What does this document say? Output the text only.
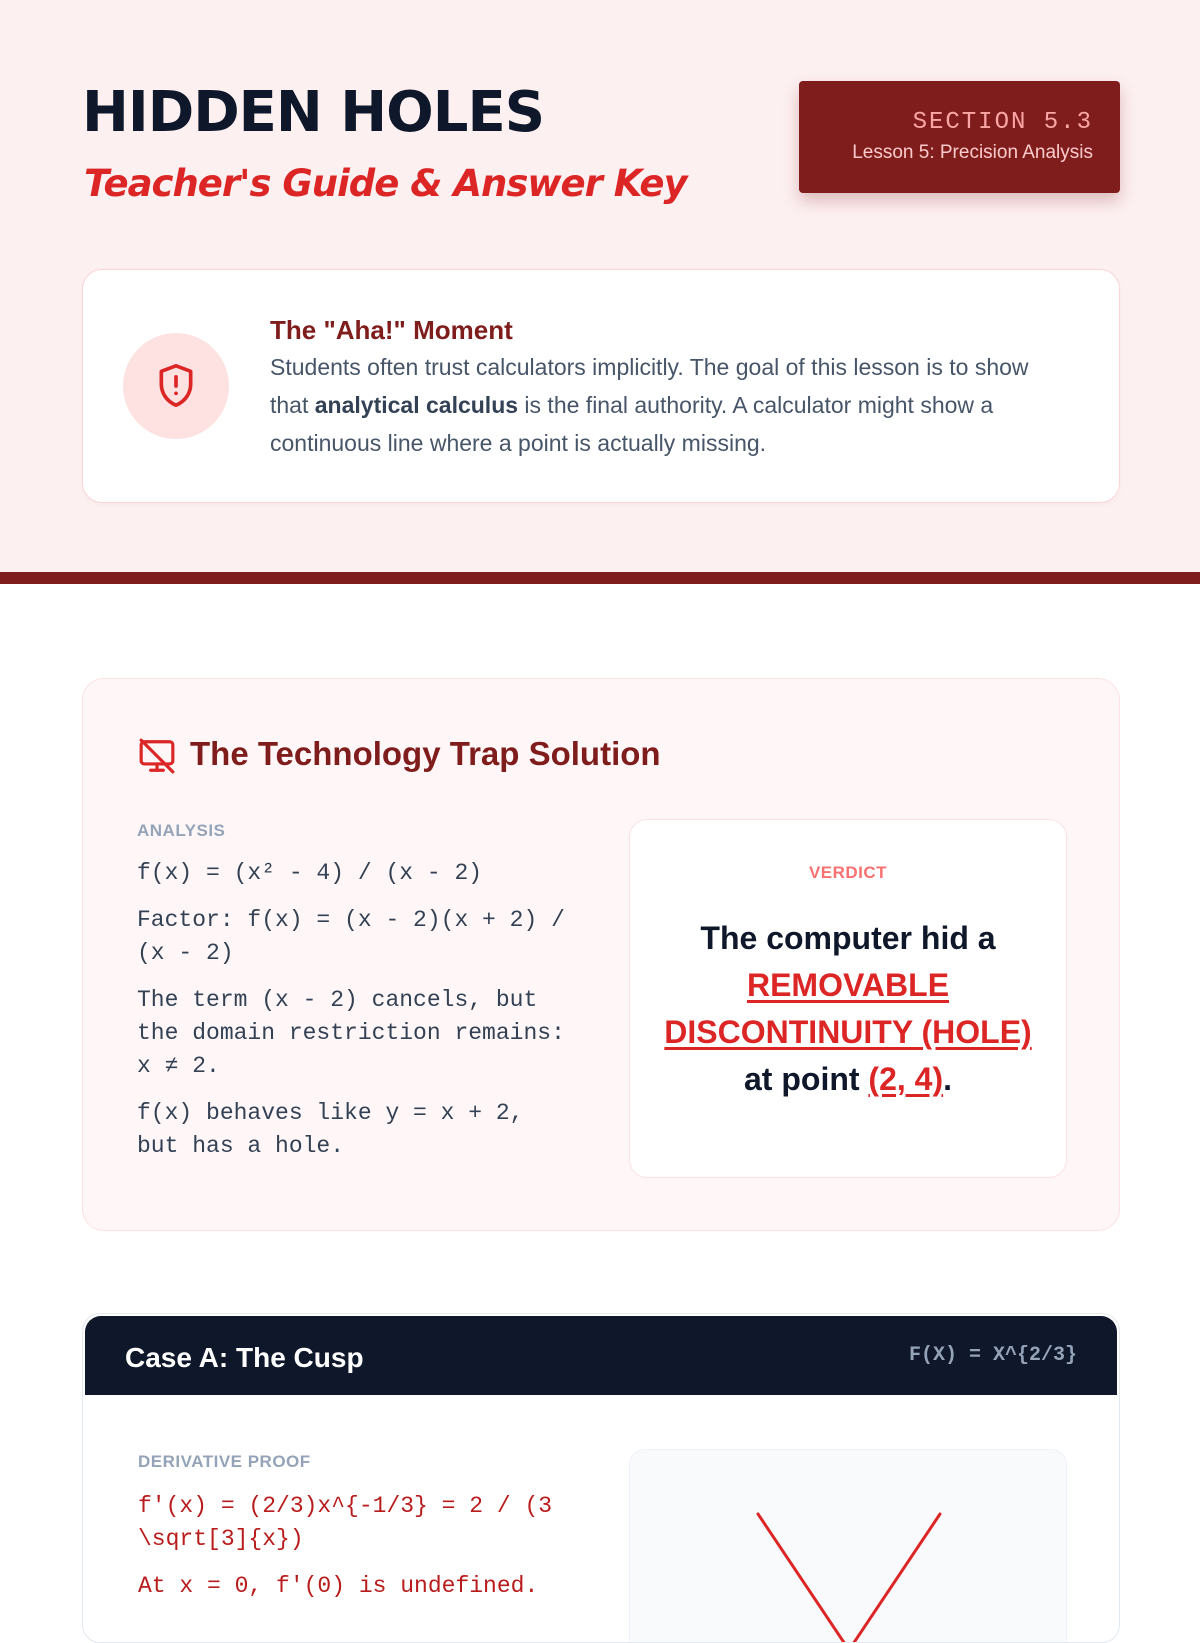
HIDDEN HOLES
Teacher's Guide & Answer Key
SECTION 5.3
Lesson 5: Precision Analysis
The "Aha!" Moment
Students often trust calculators implicitly. The goal of this lesson is to show that analytical calculus is the final authority. A calculator might show a continuous line where a point is actually missing.
The Technology Trap Solution
ANALYSIS

f(x) = (x² - 4) / (x - 2)

Factor: f(x) = (x - 2)(x + 2) / (x - 2)

The term (x - 2) cancels, but the domain restriction remains: x ≠ 2.

f(x) behaves like y = x + 2, but has a hole.

VERDICT
The computer hid a REMOVABLE DISCONTINUITY (HOLE) at point (2, 4).
Case A: The Cusp	F(X) = X^{2/3}
DERIVATIVE PROOF

f'(x) = (2/3)x^{-1/3} = 2 / (3 \sqrt[3]{x})

At x = 0, f'(0) is undefined.
